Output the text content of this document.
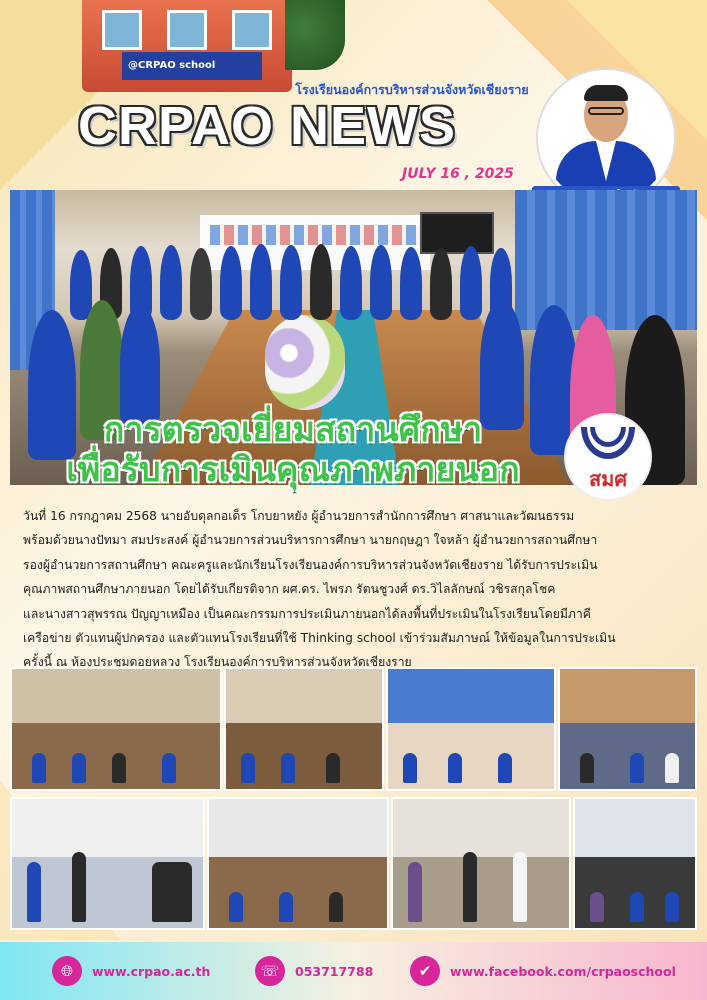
@CRPAO school
โรงเรียนองค์การบริหารส่วนจังหวัดเชียงราย
CRPAO NEWS
JULY 16 , 2025
การตรวจเยี่ยมสถานศึกษา
เพื่อรับการเมินคุณภาพภายนอก	สมศ

วันที่ 16 กรกฎาคม 2568 นายอับดุลกอเด็ร โกบยาหยัง ผู้อำนวยการสำนักการศึกษา ศาสนาและวัฒนธรรม

พร้อมด้วยนางปัทมา สมประสงค์ ผู้อำนวยการส่วนบริหารการศึกษา นายกฤษฎา ใจหล้า ผู้อำนวยการสถานศึกษา

รองผู้อำนวยการสถานศึกษา คณะครูและนักเรียนโรงเรียนองค์การบริหารส่วนจังหวัดเชียงราย ได้รับการประเมิน

คุณภาพสถานศึกษาภายนอก โดยได้รับเกียรติจาก ผศ.ดร. ไพรภ รัตนชูวงศ์ ดร.วิไลลักษณ์ วชิรสกุลโชค

และนางสาวสุพรรณ ปัญญาเหมือง เป็นคณะกรรมการประเมินภายนอกได้ลงพื้นที่ประเมินในโรงเรียนโดยมีภาคี

เครือข่าย ตัวแทนผู้ปกครอง และตัวแทนโรงเรียนที่ใช้ Thinking school เข้าร่วมสัมภาษณ์ ให้ข้อมูลในการประเมิน

ครั้งนี้ ณ ห้องประชุมดอยหลวง โรงเรียนองค์การบริหารส่วนจังหวัดเชียงราย

🌐︎	www.crpao.ac.th	☏	053717788	✔	www.facebook.com/crpaoschool
